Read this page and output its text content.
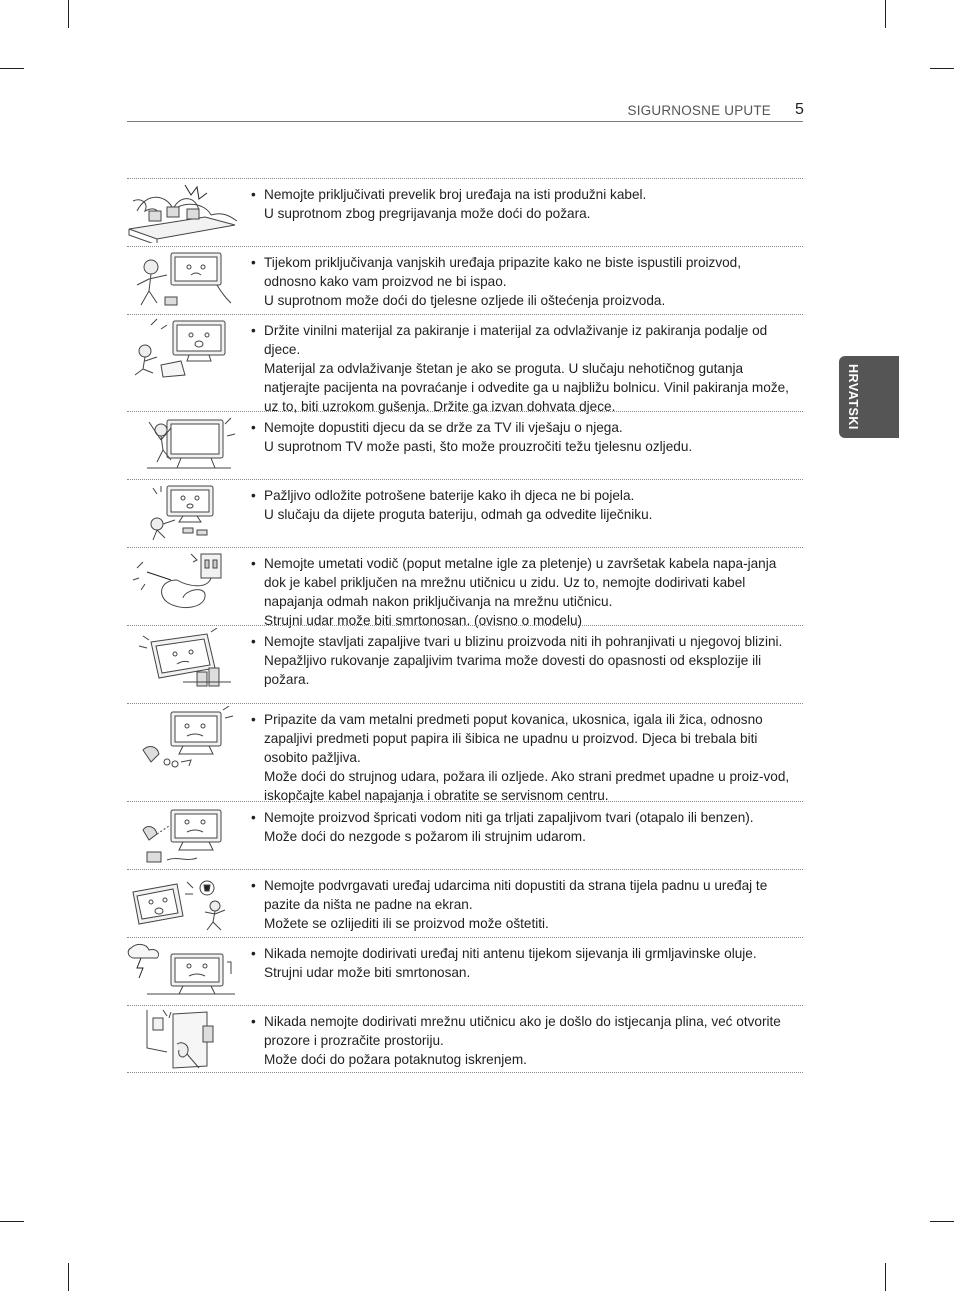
SIGURNOSNE UPUTE 5
HRVATSKI

• Nemojte priključivati prevelik broj uređaja na isti produžni kabel.

U suprotnom zbog pregrijavanja može doći do požara.

• Tijekom priključivanja vanjskih uređaja pripazite kako ne biste ispustili proizvod, odnosno kako vam proizvod ne bi ispao.

U suprotnom može doći do tjelesne ozljede ili oštećenja proizvoda.

• Držite vinilni materijal za pakiranje i materijal za odvlaživanje iz pakiranja podalje od djece.

Materijal za odvlaživanje štetan je ako se proguta. U slučaju nehotičnog gutanja natjerajte pacijenta na povraćanje i odvedite ga u najbližu bolnicu. Vinil pakiranja može, uz to, biti uzrokom gušenja. Držite ga izvan dohvata djece.

• Nemojte dopustiti djecu da se drže za TV ili vješaju o njega.

U suprotnom TV može pasti, što može prouzročiti težu tjelesnu ozljedu.

• Pažljivo odložite potrošene baterije kako ih djeca ne bi pojela.

U slučaju da dijete proguta bateriju, odmah ga odvedite liječniku.

• Nemojte umetati vodič (poput metalne igle za pletenje) u završetak kabela napa-janja dok je kabel priključen na mrežnu utičnicu u zidu. Uz to, nemojte dodirivati kabel napajanja odmah nakon priključivanja na mrežnu utičnicu.

Strujni udar može biti smrtonosan. (ovisno o modelu)

• Nemojte stavljati zapaljive tvari u blizinu proizvoda niti ih pohranjivati u njegovoj blizini.

Nepažljivo rukovanje zapaljivim tvarima može dovesti do opasnosti od eksplozije ili požara.

• Pripazite da vam metalni predmeti poput kovanica, ukosnica, igala ili žica, odnosno zapaljivi predmeti poput papira ili šibica ne upadnu u proizvod. Djeca bi trebala biti osobito pažljiva.

Može doći do strujnog udara, požara ili ozljede. Ako strani predmet upadne u proiz-vod, iskopčajte kabel napajanja i obratite se servisnom centru.

• Nemojte proizvod špricati vodom niti ga trljati zapaljivom tvari (otapalo ili benzen).

Može doći do nezgode s požarom ili strujnim udarom.

• Nemojte podvrgavati uređaj udarcima niti dopustiti da strana tijela padnu u uređaj te pazite da ništa ne padne na ekran.

Možete se ozlijediti ili se proizvod može oštetiti.

• Nikada nemojte dodirivati uređaj niti antenu tijekom sijevanja ili grmljavinske oluje.

Strujni udar može biti smrtonosan.

• Nikada nemojte dodirivati mrežnu utičnicu ako je došlo do istjecanja plina, već otvorite prozore i prozračite prostoriju.

Može doći do požara potaknutog iskrenjem.
